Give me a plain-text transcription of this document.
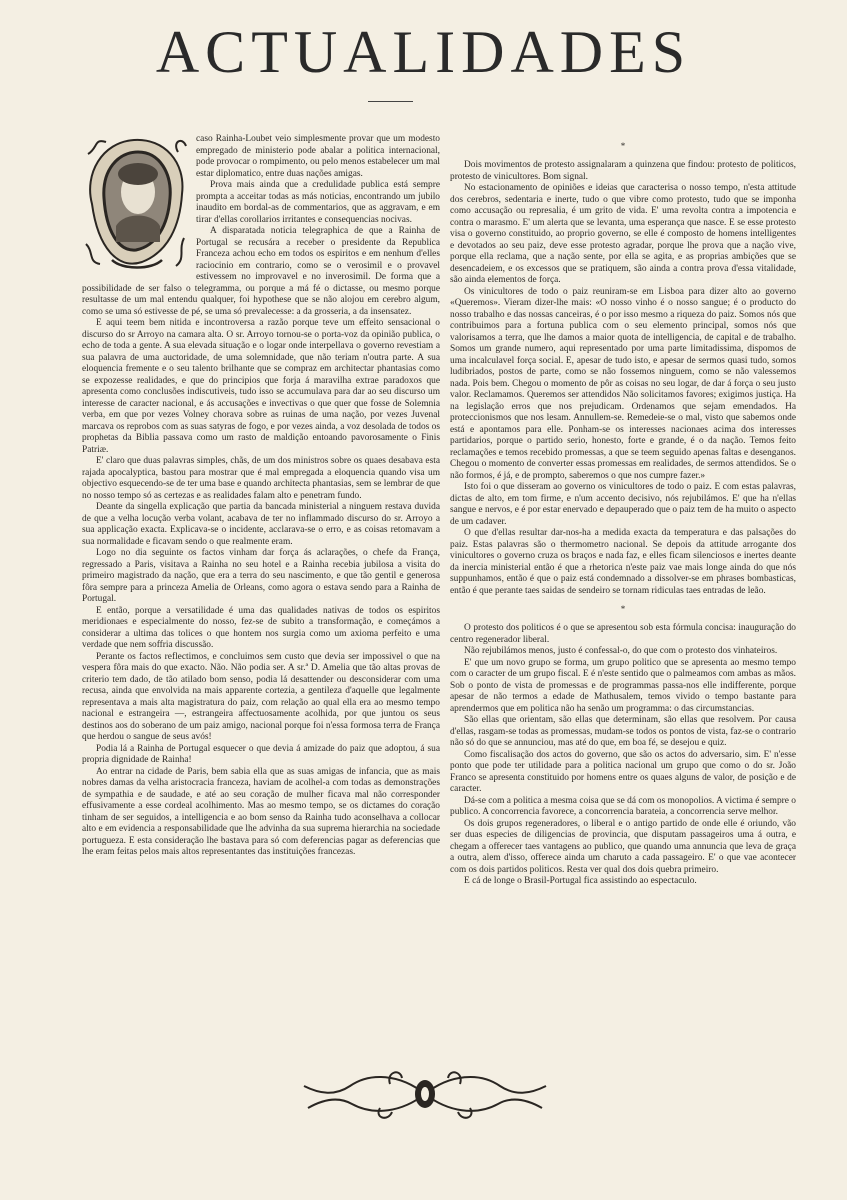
ACTUALIDADES

caso Rainha-Loubet veio simplesmente provar que um modesto empregado de ministerio pode abalar a politica internacional, pode provocar o rompimento, ou pelo menos estabelecer um mal estar diplomatico, entre duas nações amigas.

Prova mais ainda que a credulidade publica está sempre prompta a acceitar todas as más noticias, encontrando um jubilo inaudito em bordal-as de commentarios, que as aggravam, e em tirar d'ellas corollarios irritantes e consequencias nocivas.

A disparatada noticia telegraphica de que a Rainha de Portugal se recusára a receber o presidente da Republica Franceza achou echo em todos os espiritos e em nenhum d'elles raciocinio em contrario, como se o verosimil e o provavel estivessem no improvavel e no inverosimil. De forma que a possibilidade de ser falso o telegramma, ou porque a má fé o dictasse, ou mesmo porque resultasse de um mal entendu qualquer, foi hypothese que se não alojou em cerebro algum, como se uma só estivesse de pé, se uma só prevalecesse: a da grosseria, a da insensatez.

E aqui teem bem nitida e incontroversa a razão porque teve um effeito sensacional o discurso do sr Arroyo na camara alta. O sr. Arroyo tornou-se o porta-voz da opinião publica, o echo de toda a gente. A sua elevada situação e o logar onde interpellava o governo revestiam a sua palavra de uma auctoridade, de uma solemnidade, que não teriam n'outra parte. A sua eloquencia fremente e o seu talento brilhante que se compraz em architectar phantasias como se expozesse realidades, e que do principios que forja á maravilha extrae paradoxos que apresenta como conclusões indiscutiveis, tudo isso se accumulava para dar ao seu discurso um interesse de caracter nacional, e ás accusações e invectivas o que quer que fosse de Solemnia verba, em que por vezes Volney chorava sobre as ruinas de uma nação, por vezes Juvenal marcava os reprobos com as suas satyras de fogo, e por vezes ainda, a voz desolada de todos os prophetas da Biblia passava como um rasto de maldição entoando pavorosamente o Finis Patriæ.

E' claro que duas palavras simples, chãs, de um dos ministros sobre os quaes desabava esta rajada apocalyptica, bastou para mostrar que é mal empregada a eloquencia quando visa um objectivo esquecendo-se de ter uma base e quando architecta phantasias, sem se lembrar de que no nosso tempo só as certezas e as realidades falam alto e penetram fundo.

Deante da singella explicação que partia da bancada ministerial a ninguem restava duvida de que a velha locução verba volant, acabava de ter no inflammado discurso do sr. Arroyo a sua applicação exacta. Explicava-se o incidente, acclarava-se o erro, e as coisas retomavam a sua normalidade e ficavam sendo o que realmente eram.

Logo no dia seguinte os factos vinham dar força ás aclarações, o chefe da França, regressado a Paris, visitava a Rainha no seu hotel e a Rainha recebia jubilosa a visita do primeiro magistrado da nação, que era a terra do seu nascimento, e que tão gentil e generosa fôra sempre para a princeza Amelia de Orleans, como agora o estava sendo para a Rainha de Portugal.

E então, porque a versatilidade é uma das qualidades nativas de todos os espiritos meridionaes e especialmente do nosso, fez-se de subito a transformação, e começámos a considerar a ultima das tolices o que hontem nos surgia como um axioma perfeito e uma verdade que nem soffria discussão.

Perante os factos reflectimos, e concluimos sem custo que devia ser impossivel o que na vespera fôra mais do que exacto. Não. Não podia ser. A sr.ª D. Amelia que tão altas provas de criterio tem dado, de tão atilado bom senso, podia lá desattender ou desconsiderar com uma recusa, ainda que envolvida na mais apparente cortezia, a gentileza d'aquelle que legalmente representava a mais alta magistratura do paiz, com relação ao qual ella era ao mesmo tempo nacional e estrangeira —, estrangeira affectuosamente acolhida, por que juntou os seus destinos aos do soberano de um paiz amigo, nacional porque foi n'essa formosa terra de França que herdou o sangue de seus avós!

Podia lá a Rainha de Portugal esquecer o que devia á amizade do paiz que adoptou, á sua propria dignidade de Rainha!

Ao entrar na cidade de Paris, bem sabia ella que as suas amigas de infancia, que as mais nobres damas da velha aristocracia franceza, haviam de acolhel-a com todas as demonstrações de sympathia e de saudade, e até ao seu coração de mulher ficava mal não corresponder effusivamente a esse cordeal acolhimento. Mas ao mesmo tempo, se os dictames do coração tinham de ser seguidos, a intelligencia e ao bom senso da Rainha tudo aconselhava a collocar alto e em evidencia a responsabilidade que lhe advinha da sua suprema hierarchia na sociedade portugueza. E esta consideração lhe bastava para só com deferencias pagar as deferencias que lhe eram feitas pelos mais altos representantes das instituições francezas.

*

Dois movimentos de protesto assignalaram a quinzena que findou: protesto de politicos, protesto de vinicultores. Bom signal.

No estacionamento de opiniões e ideias que caracterisa o nosso tempo, n'esta attitude dos cerebros, sedentaria e inerte, tudo o que vibre como protesto, tudo que se imponha como accusação ou represalia, é um grito de vida. E' uma revolta contra a impotencia e contra o marasmo. E' um alerta que se levanta, uma esperança que nasce. E se esse protesto visa o governo constituido, ao proprio governo, se elle é composto de homens intelligentes e devotados ao seu paiz, deve esse protesto agradar, porque lhe prova que a nação vive, porque ella reclama, que a nação sente, por ella se agita, e as proprias ambições que se desencadeiem, e os excessos que se pratiquem, são ainda a contra prova d'essa vitalidade, são ainda elementos de força.

Os vinicultores de todo o paiz reuniram-se em Lisboa para dizer alto ao governo «Queremos». Vieram dizer-lhe mais: «O nosso vinho é o nosso sangue; é o producto do nosso trabalho e das nossas canceiras, é o por isso mesmo a riqueza do paiz. Somos nós que contribuimos para a fortuna publica com o seu elemento principal, somos nós que valorisamos a terra, que lhe damos a maior quota de intelligencia, de capital e de trabalho. Somos um grande numero, aqui representado por uma parte limitadissima, dispomos de uma incalculavel força social. E, apesar de tudo isto, e apesar de sermos quasi tudo, somos ludibriados, postos de parte, como se não fossemos ninguem, como se não valessemos nada. Pois bem. Chegou o momento de pôr as coisas no seu logar, de dar á força o seu justo valor. Reclamamos. Queremos ser attendidos Não solicitamos favores; exigimos justiça. Ha na legislação erros que nos prejudicam. Ordenamos que sejam emendados. Ha proteccionismos que nos lesam. Annullem-se. Remedeie-se o mal, visto que sabemos onde está e apontamos para elle. Ponham-se os interesses nacionaes acima dos interesses partidarios, porque o partido serio, honesto, forte e grande, é o da nação. Temos feito reclamações e temos recebido promessas, a que se teem seguido apenas faltas e desenganos. Chegou o momento de converter essas promessas em realidades, de sermos attendidos. Se o não formos, é já, e de prompto, saberemos o que nos cumpre fazer.»

Isto foi o que disseram ao governo os vinicultores de todo o paiz. E com estas palavras, dictas de alto, em tom firme, e n'um accento decisivo, nós rejubilámos. E' que ha n'ellas sangue e nervos, e é por estar enervado e depauperado que o paiz tem de ha muito o aspecto de um cadaver.

O que d'ellas resultar dar-nos-ha a medida exacta da temperatura e das palsações do paiz. Estas palavras são o thermometro nacional. Se depois da attitude arrogante dos vinicultores o governo cruza os braços e nada faz, e elles ficam silenciosos e inertes deante da inercia ministerial então é que a rhetorica n'este paiz vae mais longe ainda do que nós suppunhamos, então é que o paiz está condemnado a dissolver-se em phrases bombasticas, então é que perante taes saidas de sendeiro se tornam ridiculas taes entradas de leão.

*

O protesto dos politicos é o que se apresentou sob esta fórmula concisa: inauguração do centro regenerador liberal.

Não rejubilámos menos, justo é confessal-o, do que com o protesto dos vinhateiros.

E' que um novo grupo se forma, um grupo politico que se apresenta ao mesmo tempo com o caracter de um grupo fiscal. E é n'este sentido que o palmeamos com ambas as mãos. Sob o ponto de vista de promessas e de programmas passa-nos elle indifferente, porque apesar de não termos a edade de Mathusalem, temos vivido o tempo bastante para aprendermos que em politica não ha senão um programma: o das circumstancias.

São ellas que orientam, são ellas que determinam, são ellas que resolvem. Por causa d'ellas, rasgam-se todas as promessas, mudam-se todos os pontos de vista, faz-se o contrario não só do que se annunciou, mas até do que, em boa fé, se desejou e quiz.

Como fiscalisação dos actos do governo, que são os actos do adversario, sim. E' n'esse ponto que pode ter utilidade para a politica nacional um grupo que como o do sr. João Franco se apresenta constituido por homens entre os quaes alguns de valor, de posição e de caracter.

Dá-se com a politica a mesma coisa que se dá com os monopolios. A victima é sempre o publico. A concorrencia favorece, a concorrencia barateia, a concorrencia serve melhor.

Os dois grupos regeneradores, o liberal e o antigo partido de onde elle é oriundo, vão ser duas especies de diligencias de provincia, que disputam passageiros uma á outra, e chegam a offerecer taes vantagens ao publico, que quando uma annuncia que leva de graça a outra, alem d'isso, offerece ainda um charuto a cada passageiro. E' o que vae acontecer com os dois partidos politicos. Resta ver qual dos dois quebra primeiro.

E cá de longe o Brasil-Portugal fica assistindo ao espectaculo.
